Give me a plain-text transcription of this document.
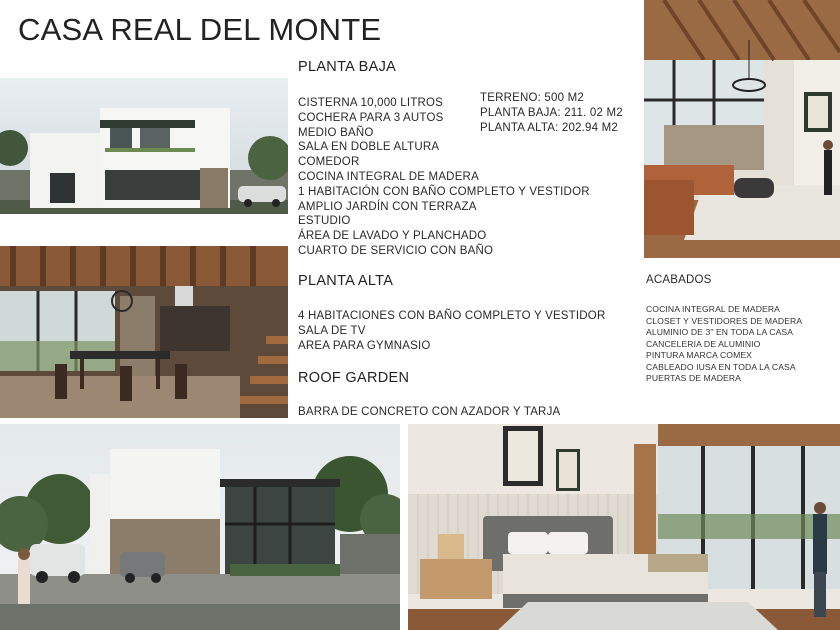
CASA REAL DEL MONTE
PLANTA BAJA
CISTERNA 10,000 LITROS
COCHERA PARA 3 AUTOS
MEDIO BAÑO
SALA EN DOBLE ALTURA
COMEDOR
COCINA INTEGRAL DE MADERA
1 HABITACIÓN CON BAÑO COMPLETO Y VESTIDOR
AMPLIO JARDÍN CON TERRAZA
ESTUDIO
ÁREA DE LAVADO Y PLANCHADO
CUARTO DE SERVICIO CON BAÑO
TERRENO: 500 M2
PLANTA BAJA: 211. 02 M2
PLANTA ALTA: 202.94 M2
PLANTA ALTA
4 HABITACIONES CON BAÑO COMPLETO Y VESTIDOR
SALA DE TV
AREA PARA GYMNASIO
ROOF GARDEN
BARRA DE CONCRETO CON AZADOR Y TARJA
ACABADOS
COCINA INTEGRAL DE MADERA
CLOSET Y VESTIDORES DE MADERA
ALUMINIO DE 3" EN TODA LA CASA
CANCELERIA DE ALUMINIO
PINTURA MARCA COMEX
CABLEADO IUSA EN TODA LA CASA
PUERTAS DE MADERA
